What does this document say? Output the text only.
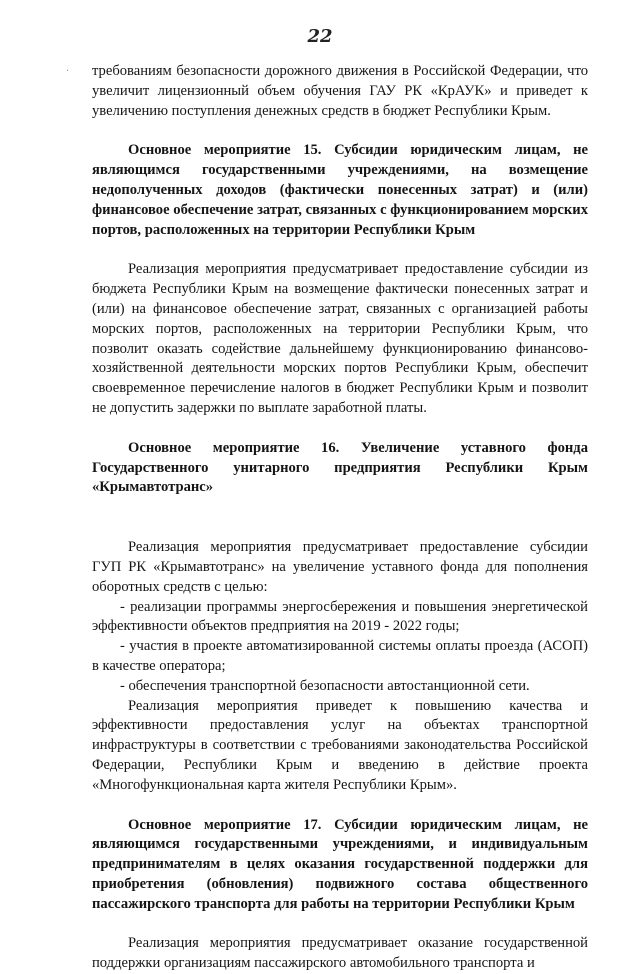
22
· требованиям безопасности дорожного движения в Российской Федерации, что увеличит лицензионный объем обучения ГАУ РК «КрАУК» и приведет к увеличению поступления денежных средств в бюджет Республики Крым.

Основное мероприятие 15. Субсидии юридическим лицам, не являющимся государственными учреждениями, на возмещение недополученных доходов (фактически понесенных затрат) и (или) финансовое обеспечение затрат, связанных с функционированием морских портов, расположенных на территории Республики Крым

Реализация мероприятия предусматривает предоставление субсидии из бюджета Республики Крым на возмещение фактически понесенных затрат и (или) на финансовое обеспечение затрат, связанных с организацией работы морских портов, расположенных на территории Республики Крым, что позволит оказать содействие дальнейшему функционированию финансово-хозяйственной деятельности морских портов Республики Крым, обеспечит своевременное перечисление налогов в бюджет Республики Крым и позволит не допустить задержки по выплате заработной платы.

Основное мероприятие 16. Увеличение уставного фонда Государственного унитарного предприятия Республики Крым «Крымавтотранс»

Реализация мероприятия предусматривает предоставление субсидии ГУП РК «Крымавтотранс» на увеличение уставного фонда для пополнения оборотных средств с целью:

- реализации программы энергосбережения и повышения энергетической эффективности объектов предприятия на 2019 - 2022 годы;

- участия в проекте автоматизированной системы оплаты проезда (АСОП) в качестве оператора;

- обеспечения транспортной безопасности автостанционной сети.

Реализация мероприятия приведет к повышению качества и эффективности предоставления услуг на объектах транспортной инфраструктуры в соответствии с требованиями законодательства Российской Федерации, Республики Крым и введению в действие проекта «Многофункциональная карта жителя Республики Крым».

Основное мероприятие 17. Субсидии юридическим лицам, не являющимся государственными учреждениями, и индивидуальным предпринимателям в целях оказания государственной поддержки для приобретения (обновления) подвижного состава общественного пассажирского транспорта для работы на территории Республики Крым

Реализация мероприятия предусматривает оказание государственной поддержки организациям пассажирского автомобильного транспорта и
